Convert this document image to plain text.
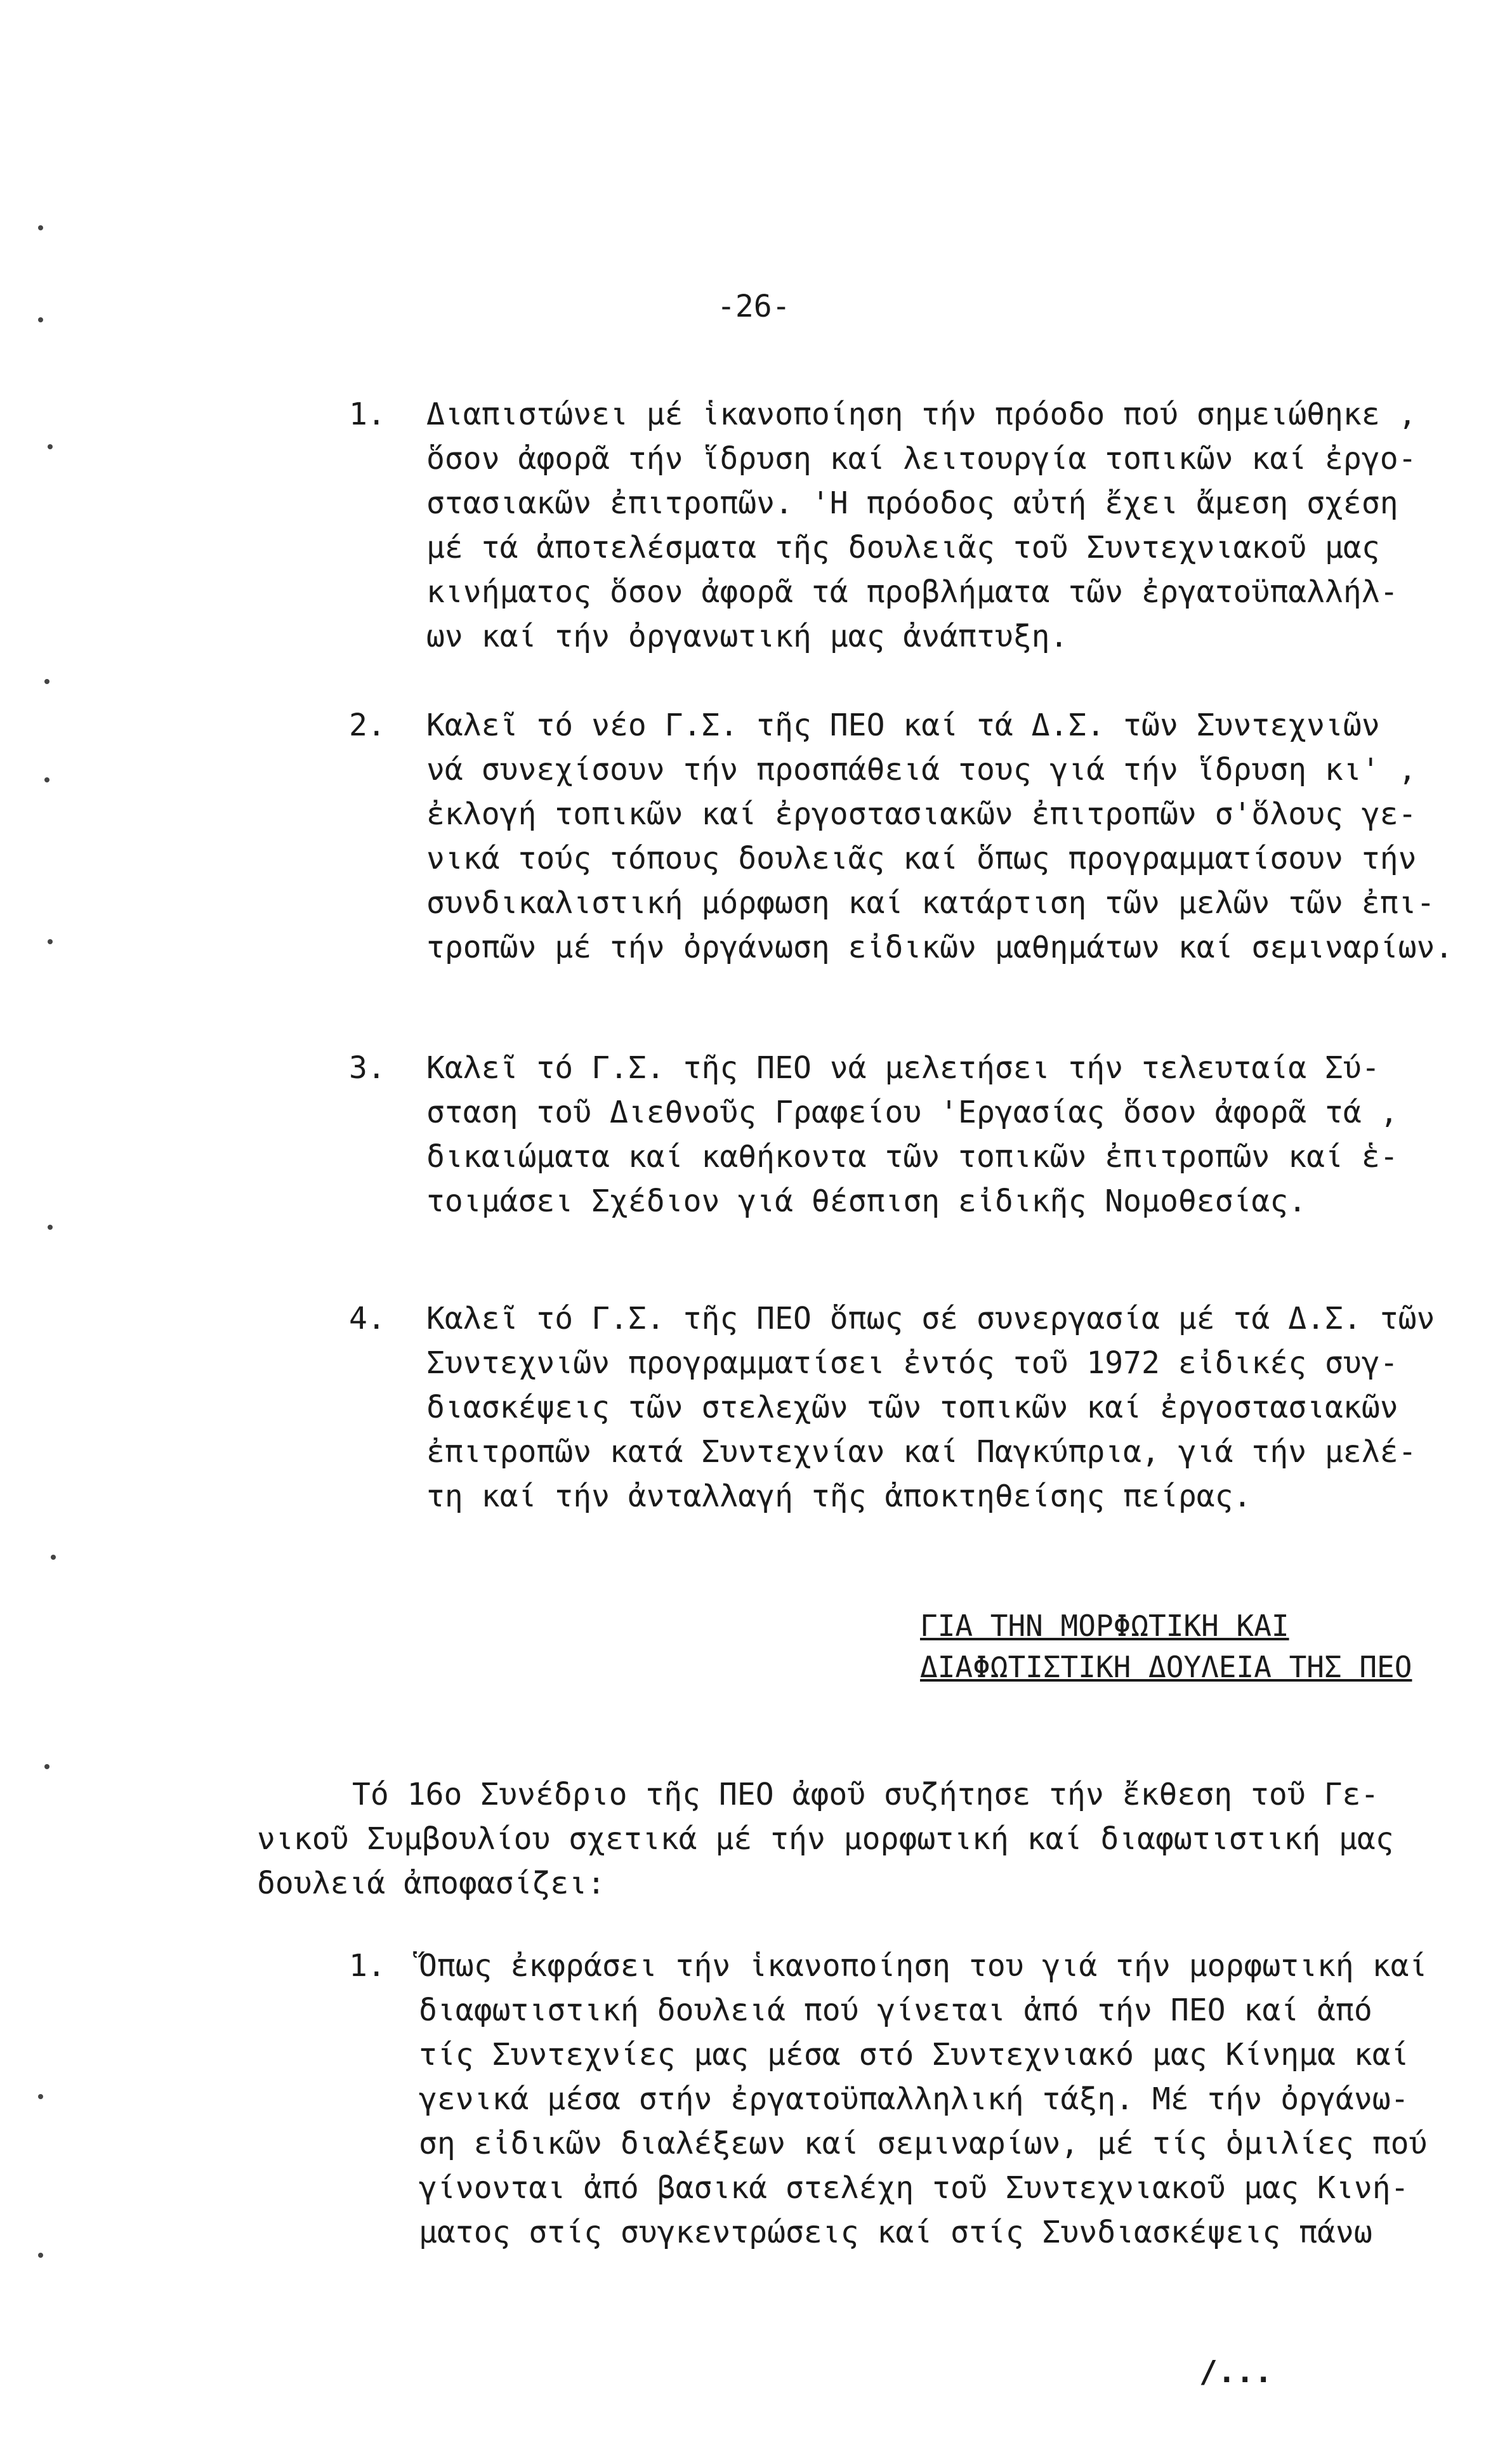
-26-
1. Διαπιστώνει μέ ἱκανοποίηση τήν πρόοδο πού σημειώθηκε ,
ὅσον ἀφορᾶ τήν ἵδρυση καί λειτουργία τοπικῶν καί ἐργο-
στασιακῶν ἐπιτροπῶν. 'Η πρόοδος αὐτή ἔχει ἄμεση σχέση
μέ τά ἀποτελέσματα τῆς δουλειᾶς τοῦ Συντεχνιακοῦ μας
κινήματος ὅσον ἀφορᾶ τά προβλήματα τῶν ἐργατοϋπαλλήλ-
ων καί τήν ὀργανωτική μας ἀνάπτυξη.
2. Καλεῖ τό νέο Γ.Σ. τῆς ΠΕΟ καί τά Δ.Σ. τῶν Συντεχνιῶν
νά συνεχίσουν τήν προσπάθειά τους γιά τήν ἵδρυση κι' ,
ἐκλογή τοπικῶν καί ἐργοστασιακῶν ἐπιτροπῶν σ'ὅλους γε-
νικά τούς τόπους δουλειᾶς καί ὅπως προγραμματίσουν τήν
συνδικαλιστική μόρφωση καί κατάρτιση τῶν μελῶν τῶν ἐπι-
τροπῶν μέ τήν ὀργάνωση εἰδικῶν μαθημάτων καί σεμιναρίων.
3. Καλεῖ τό Γ.Σ. τῆς ΠΕΟ νά μελετήσει τήν τελευταία Σύ-
σταση τοῦ Διεθνοῦς Γραφείου 'Εργασίας ὅσον ἀφορᾶ τά ,
δικαιώματα καί καθήκοντα τῶν τοπικῶν ἐπιτροπῶν καί ἑ-
τοιμάσει Σχέδιον γιά θέσπιση εἰδικῆς Νομοθεσίας.
4. Καλεῖ τό Γ.Σ. τῆς ΠΕΟ ὅπως σέ συνεργασία μέ τά Δ.Σ. τῶν
Συντεχνιῶν προγραμματίσει ἐντός τοῦ 1972 εἰδικές συγ-
διασκέψεις τῶν στελεχῶν τῶν τοπικῶν καί ἐργοστασιακῶν
ἐπιτροπῶν κατά Συντεχνίαν καί Παγκύπρια, γιά τήν μελέ-
τη καί τήν ἀνταλλαγή τῆς ἀποκτηθείσης πείρας.
ΓΙΑ ΤΗΝ ΜΟΡΦΩΤΙΚΗ ΚΑΙ
ΔΙΑΦΩΤΙΣΤΙΚΗ ΔΟΥΛΕΙΑ ΤΗΣ ΠΕΟ
Τό 16ο Συνέδριο τῆς ΠΕΟ ἀφοῦ συζήτησε τήν ἔκθεση τοῦ Γε-
νικοῦ Συμβουλίου σχετικά μέ τήν μορφωτική καί διαφωτιστική μας
δουλειά ἀποφασίζει:
1. Ὅπως ἐκφράσει τήν ἱκανοποίηση του γιά τήν μορφωτική καί
διαφωτιστική δουλειά πού γίνεται ἀπό τήν ΠΕΟ καί ἀπό
τίς Συντεχνίες μας μέσα στό Συντεχνιακό μας Κίνημα καί
γενικά μέσα στήν ἐργατοϋπαλληλική τάξη. Μέ τήν ὀργάνω-
ση εἰδικῶν διαλέξεων καί σεμιναρίων, μέ τίς ὁμιλίες πού
γίνονται ἀπό βασικά στελέχη τοῦ Συντεχνιακοῦ μας Κινή-
ματος στίς συγκεντρώσεις καί στίς Συνδιασκέψεις πάνω
/...
